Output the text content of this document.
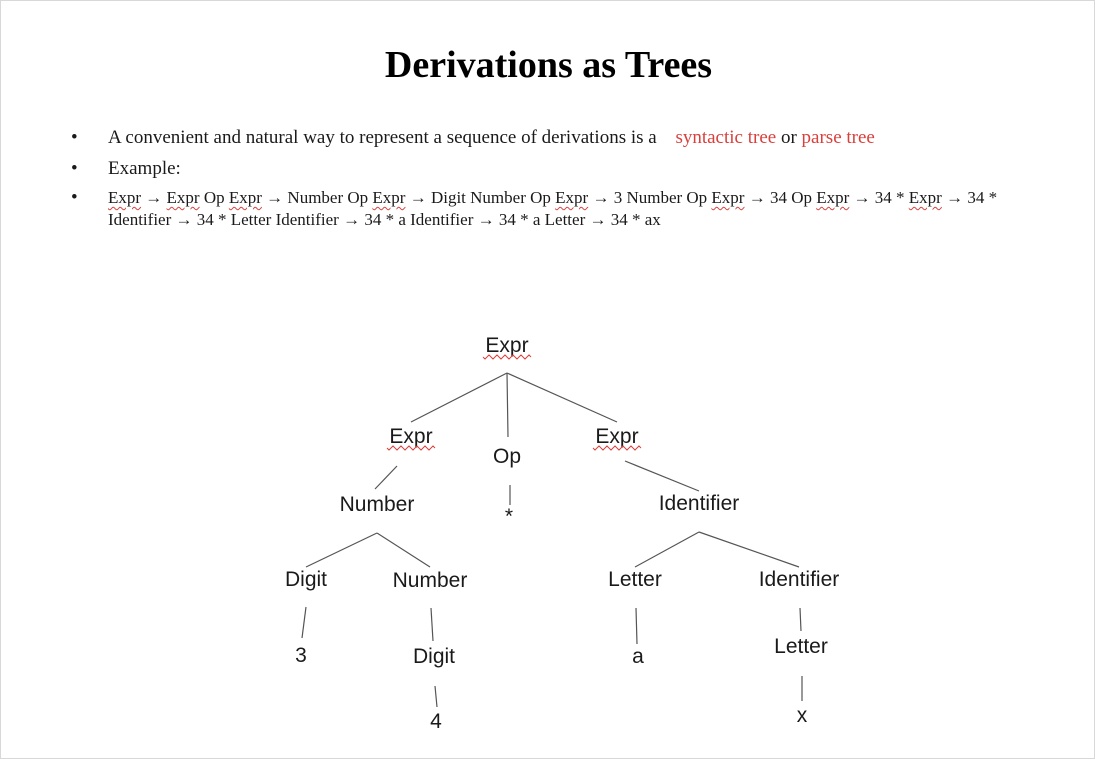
Derivations as Trees
• A convenient and natural way to represent a sequence of derivations is a syntactic tree or parse tree
• Example:
• Expr → Expr Op Expr → Number Op Expr → Digit Number Op Expr → 3 Number Op Expr → 34 Op Expr → 34 * Expr → 34 * Identifier → 34 * Letter Identifier → 34 * a Identifier → 34 * a Letter → 34 * ax
Expr
Expr
Op
Expr
Number
*
Identifier
Digit	Number	Letter	Identifier
3	Digit	a	Letter
4	x
